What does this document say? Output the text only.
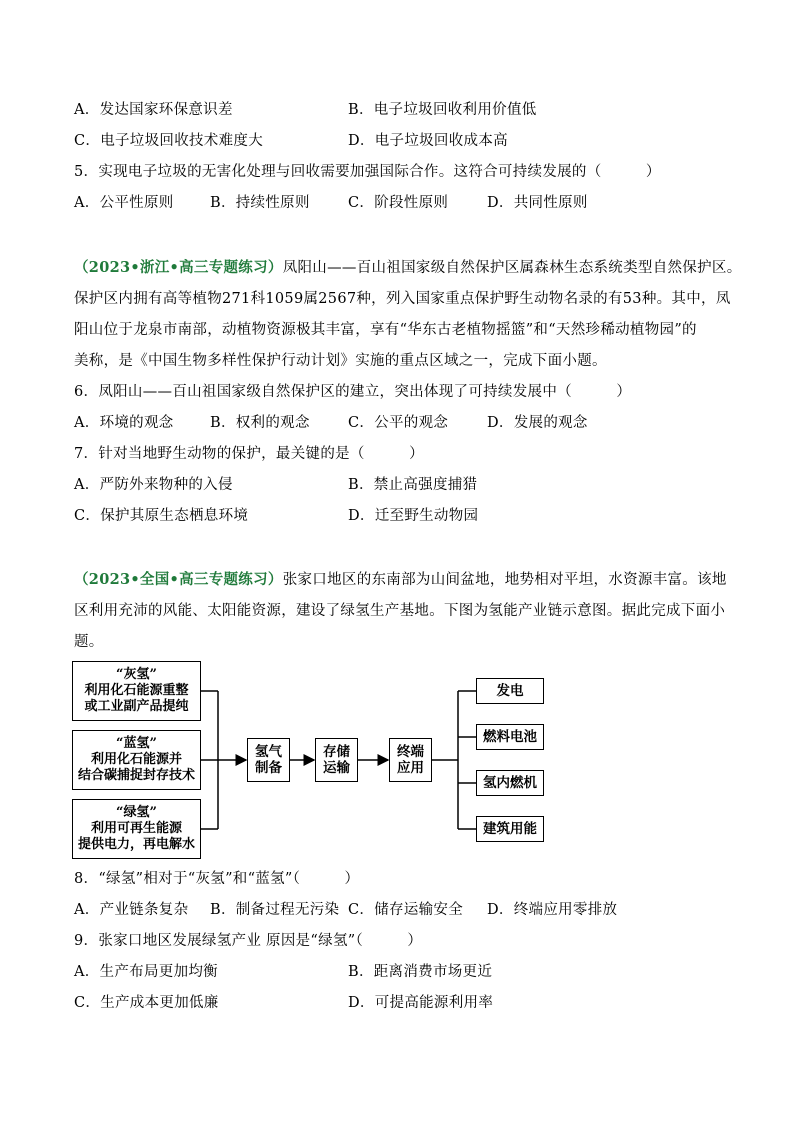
A．发达国家环保意识差	B．电子垃圾回收利用价值低
C．电子垃圾回收技术难度大	D．电子垃圾回收成本高
5．实现电子垃圾的无害化处理与回收需要加强国际合作。这符合可持续发展的（　　　）
A．公平性原则	B．持续性原则	C．阶段性原则	D．共同性原则
（2023•浙江•高三专题练习）凤阳山——百山祖国家级自然保护区属森林生态系统类型自然保护区。
保护区内拥有高等植物271科1059属2567种，列入国家重点保护野生动物名录的有53种。其中，凤
阳山位于龙泉市南部，动植物资源极其丰富，享有“华东古老植物摇篮”和“天然珍稀动植物园”的
美称，是《中国生物多样性保护行动计划》实施的重点区域之一，完成下面小题。
6．凤阳山——百山祖国家级自然保护区的建立，突出体现了可持续发展中（　　　）
A．环境的观念	B．权利的观念	C．公平的观念	D．发展的观念
7．针对当地野生动物的保护，最关键的是（　　　）
A．严防外来物种的入侵	B．禁止高强度捕猎
C．保护其原生态栖息环境	D．迁至野生动物园
（2023•全国•高三专题练习）张家口地区的东南部为山间盆地，地势相对平坦，水资源丰富。该地
区利用充沛的风能、太阳能资源，建设了绿氢生产基地。下图为氢能产业链示意图。据此完成下面小
题。
“灰氢”
利用化石能源重整
或工业副产品提纯
“蓝氢”
利用化石能源并
结合碳捕捉封存技术
“绿氢”
利用可再生能源
提供电力，再电解水
氢气
制备
存储
运输
终端
应用
发电
燃料电池
氢内燃机
建筑用能
8．“绿氢”相对于“灰氢”和“蓝氢”（　　　）
A．产业链条复杂 B．制备过程无污染 C．储存运输安全 D．终端应用零排放
9．张家口地区发展绿氢产业 原因是“绿氢”（　　　）
A．生产布局更加均衡	B．距离消费市场更近
C．生产成本更加低廉	D．可提高能源利用率
